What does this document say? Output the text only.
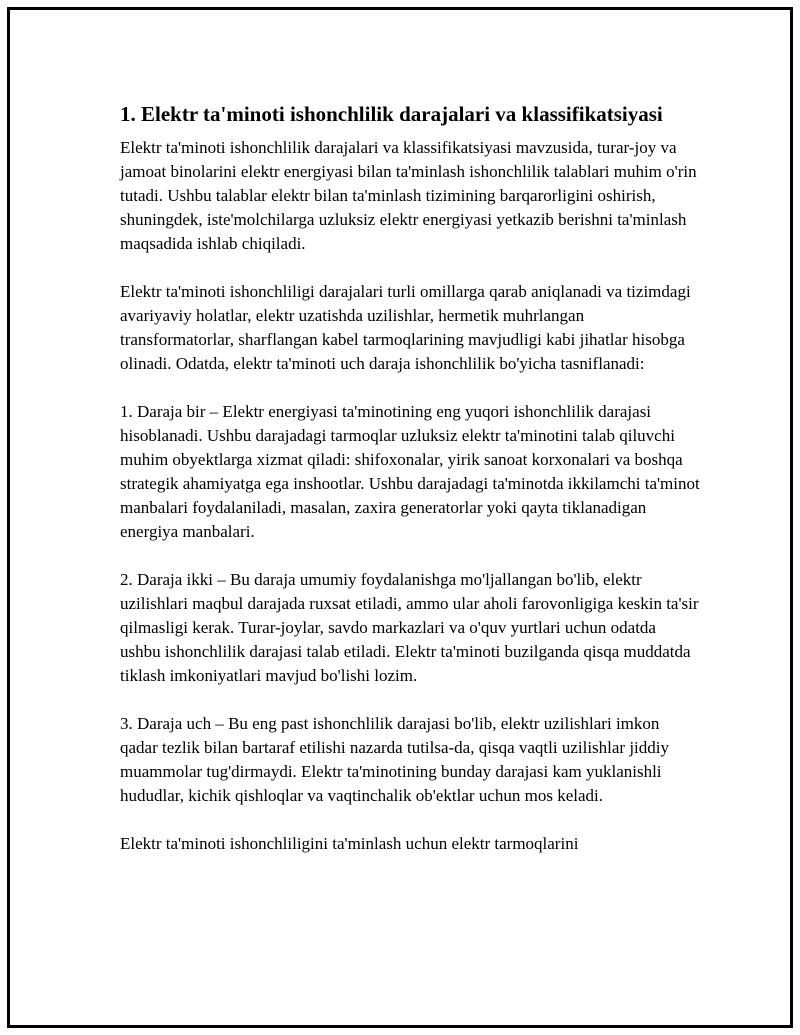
1. Elektr ta'minoti ishonchlilik darajalari va klassifikatsiyasi

Elektr ta'minoti ishonchlilik darajalari va klassifikatsiyasi mavzusida, turar-joy va jamoat binolarini elektr energiyasi bilan ta'minlash ishonchlilik talablari muhim o'rin tutadi. Ushbu talablar elektr bilan ta'minlash tizimining barqarorligini oshirish, shuningdek, iste'molchilarga uzluksiz elektr energiyasi yetkazib berishni ta'minlash maqsadida ishlab chiqiladi.

Elektr ta'minoti ishonchliligi darajalari turli omillarga qarab aniqlanadi va tizimdagi avariyaviy holatlar, elektr uzatishda uzilishlar, hermetik muhrlangan transformatorlar, sharflangan kabel tarmoqlarining mavjudligi kabi jihatlar hisobga olinadi. Odatda, elektr ta'minoti uch daraja ishonchlilik bo'yicha tasniflanadi:

1. Daraja bir – Elektr energiyasi ta'minotining eng yuqori ishonchlilik darajasi hisoblanadi. Ushbu darajadagi tarmoqlar uzluksiz elektr ta'minotini talab qiluvchi muhim obyektlarga xizmat qiladi: shifoxonalar, yirik sanoat korxonalari va boshqa strategik ahamiyatga ega inshootlar. Ushbu darajadagi ta'minotda ikkilamchi ta'minot manbalari foydalaniladi, masalan, zaxira generatorlar yoki qayta tiklanadigan energiya manbalari.

2. Daraja ikki – Bu daraja umumiy foydalanishga mo'ljallangan bo'lib, elektr uzilishlari maqbul darajada ruxsat etiladi, ammo ular aholi farovonligiga keskin ta'sir qilmasligi kerak. Turar-joylar, savdo markazlari va o'quv yurtlari uchun odatda ushbu ishonchlilik darajasi talab etiladi. Elektr ta'minoti buzilganda qisqa muddatda tiklash imkoniyatlari mavjud bo'lishi lozim.

3. Daraja uch – Bu eng past ishonchlilik darajasi bo'lib, elektr uzilishlari imkon qadar tezlik bilan bartaraf etilishi nazarda tutilsa-da, qisqa vaqtli uzilishlar jiddiy muammolar tug'dirmaydi. Elektr ta'minotining bunday darajasi kam yuklanishli hududlar, kichik qishloqlar va vaqtinchalik ob'ektlar uchun mos keladi.

Elektr ta'minoti ishonchliligini ta'minlash uchun elektr tarmoqlarini
